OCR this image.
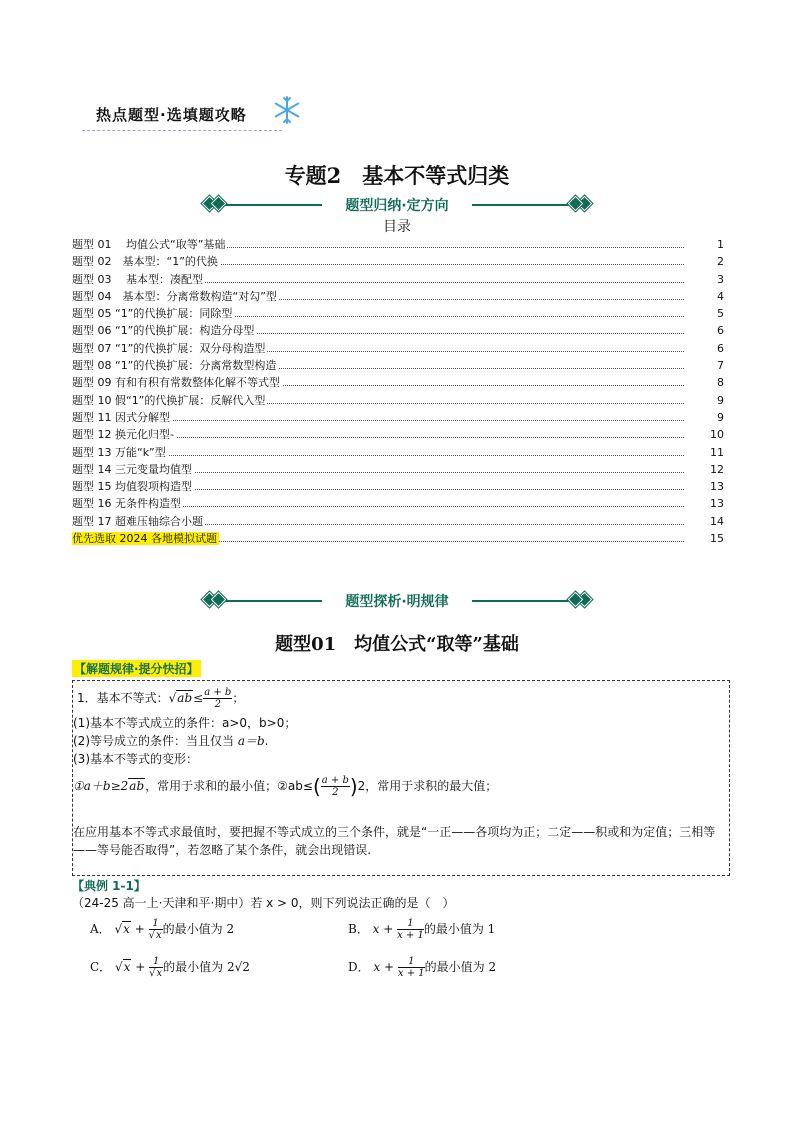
热点题型·选填题攻略
专题2　基本不等式归类
题型归纳·定方向
目录
题型 01　 均值公式“取等”基础	1
题型 02　基本型：“1”的代换	2
题型 03　 基本型：凑配型	3
题型 04　基本型：分离常数构造“对勾”型	4
题型 05 “1”的代换扩展：同除型	5
题型 06 “1”的代换扩展：构造分母型	6
题型 07 “1”的代换扩展：双分母构造型	6
题型 08 “1”的代换扩展：分离常数型构造	7
题型 09 有和有积有常数整体化解不等式型	8
题型 10 假“1”的代换扩展：反解代入型	9
题型 11 因式分解型	9
题型 12 换元化归型-	10
题型 13 万能“k”型	11
题型 14 三元变量均值型	12
题型 15 均值裂项构造型	13
题型 16 无条件构造型	13
题型 17 超难压轴综合小题	14
优先选取 2024 各地模拟试题	15
题型探析·明规律
题型01　均值公式“取等”基础
【解题规律·提分快招】
1．基本不等式：$√ab\le \frac{a + b}{2}$ ；
(1)基本不等式成立的条件：a>0，b>0；
(2)等号成立的条件：当且仅当 a＝b.
(3)基本不等式的变形：
①a＋b≥2ab，常用于求和的最小值；②ab≤( $\frac{a + b}{2} )2$，常用于求积的最大值；
在应用基本不等式求最值时，要把握不等式成立的三个条件，就是“一正——各项均为正；二定——积或和为定值；三相等——等号能否取得”，若忽略了某个条件，就会出现错误.
【典例 1-1】
（24-25 高一上·天津和平·期中）若 x > 0，则下列说法正确的是（　）
A． $√x + \frac{1}{√x}$ 的最小值为 2	B． $x + \frac{1}{x + 1}$ 的最小值为 1
C． $√x + \frac{1}{√x}$ 的最小值为 2√2	D． $x + \frac{1}{x + 1}$ 的最小值为 2
